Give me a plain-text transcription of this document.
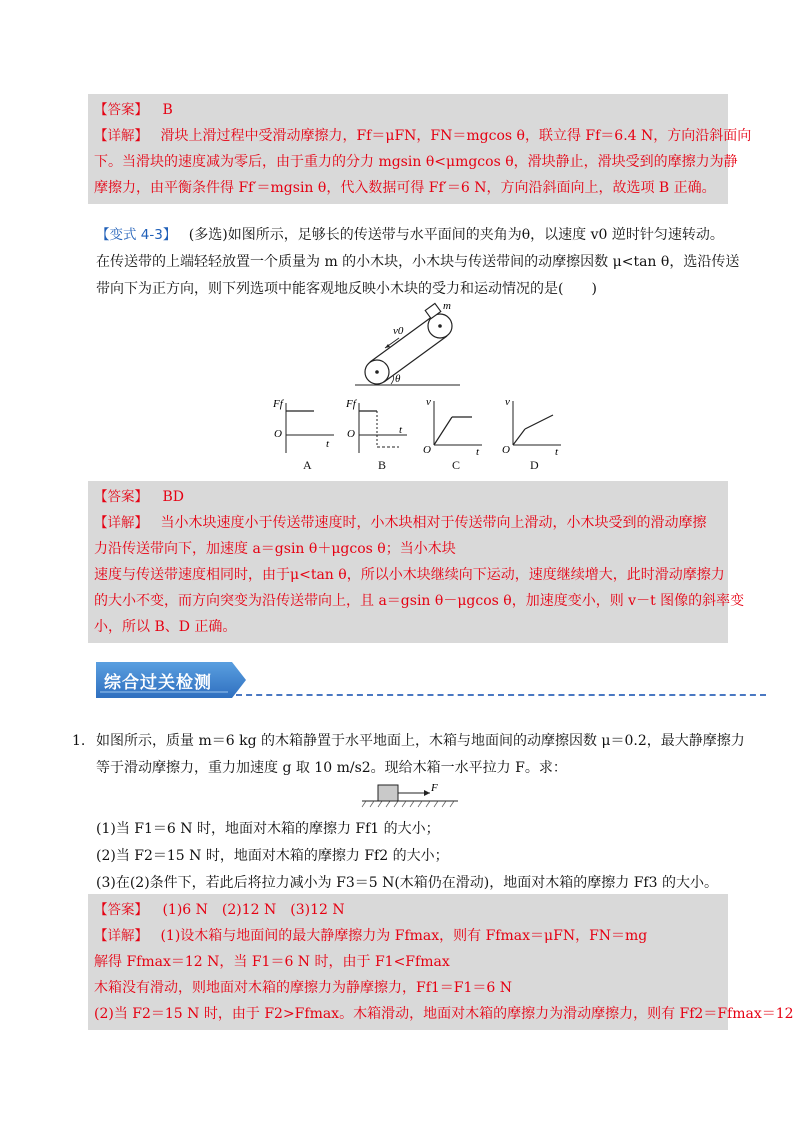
【答案】 B
【详解】 滑块上滑过程中受滑动摩擦力，Ff＝μFN，FN＝mgcos θ，联立得 Ff＝6.4 N，方向沿斜面向
下。当滑块的速度减为零后，由于重力的分力 mgsin θ<μmgcos θ，滑块静止，滑块受到的摩擦力为静
摩擦力，由平衡条件得 Ff′＝mgsin θ，代入数据可得 Ff′＝6 N，方向沿斜面向上，故选项 B 正确。
【变式 4-3】 (多选)如图所示，足够长的传送带与水平面间的夹角为θ，以速度 v0 逆时针匀速转动。
在传送带的上端轻轻放置一个质量为 m 的小木块，小木块与传送带间的动摩擦因数 μ<tan θ，选沿传送
带向下为正方向，则下列选项中能客观地反映小木块的受力和运动情况的是(　　)
m
v0
θ
Ff
O
t
A
Ff
O	t
B
v
O	t
C
v
O	t
D
【答案】 BD
【详解】 当小木块速度小于传送带速度时，小木块相对于传送带向上滑动，小木块受到的滑动摩擦
力沿传送带向下，加速度 a＝gsin θ＋μgcos θ；当小木块
速度与传送带速度相同时，由于μ<tan θ，所以小木块继续向下运动，速度继续增大，此时滑动摩擦力
的大小不变，而方向突变为沿传送带向上，且 a＝gsin θ－μgcos θ，加速度变小，则 v－t 图像的斜率变
小，所以 B、D 正确。
综合过关检测
1. 如图所示，质量 m＝6 kg 的木箱静置于水平地面上，木箱与地面间的动摩擦因数 μ＝0.2，最大静摩擦力
等于滑动摩擦力，重力加速度 g 取 10 m/s2。现给木箱一水平拉力 F。求：
F
(1)当 F1＝6 N 时，地面对木箱的摩擦力 Ff1 的大小；
(2)当 F2＝15 N 时，地面对木箱的摩擦力 Ff2 的大小；
(3)在(2)条件下，若此后将拉力减小为 F3＝5 N(木箱仍在滑动)，地面对木箱的摩擦力 Ff3 的大小。
【答案】 (1)6 N　(2)12 N　(3)12 N
【详解】 (1)设木箱与地面间的最大静摩擦力为 Ffmax，则有 Ffmax＝μFN，FN＝mg
解得 Ffmax＝12 N，当 F1＝6 N 时，由于 F1<Ffmax
木箱没有滑动，则地面对木箱的摩擦力为静摩擦力，Ff1＝F1＝6 N
(2)当 F2＝15 N 时，由于 F2>Ffmax。木箱滑动，地面对木箱的摩擦力为滑动摩擦力，则有 Ff2＝Ffmax＝12
